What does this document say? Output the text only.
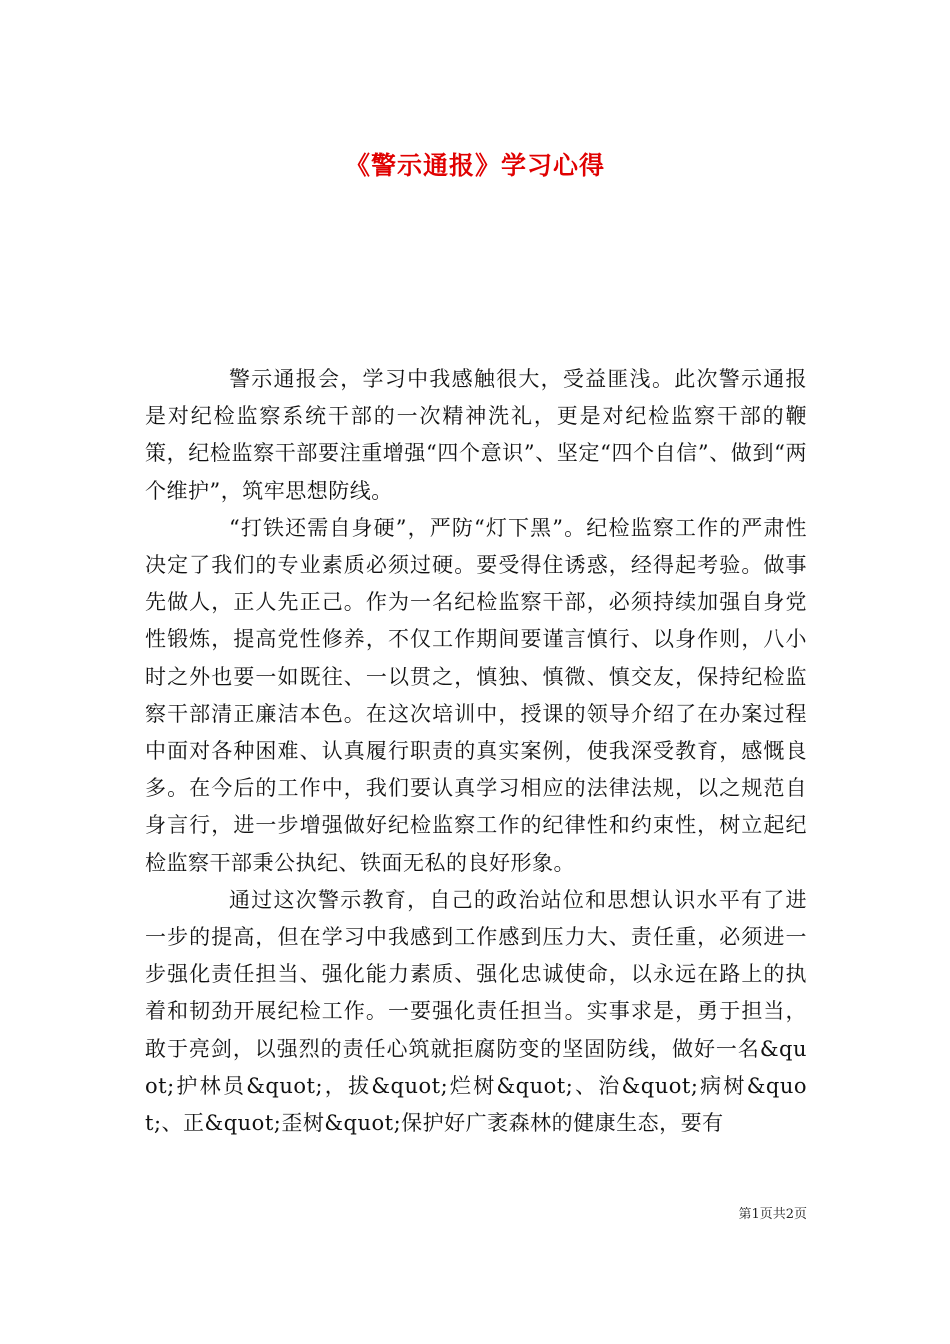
《警示通报》学习心得

警示通报会，学习中我感触很大，受益匪浅。此次警示通报是对纪检监察系统干部的一次精神洗礼，更是对纪检监察干部的鞭策，纪检监察干部要注重增强“四个意识”、坚定“四个自信”、做到“两个维护”，筑牢思想防线。

“打铁还需自身硬”，严防“灯下黑”。纪检监察工作的严肃性决定了我们的专业素质必须过硬。要受得住诱惑，经得起考验。做事先做人，正人先正己。作为一名纪检监察干部，必须持续加强自身党性锻炼，提高党性修养，不仅工作期间要谨言慎行、以身作则，八小时之外也要一如既往、一以贯之，慎独、慎微、慎交友，保持纪检监察干部清正廉洁本色。在这次培训中，授课的领导介绍了在办案过程中面对各种困难、认真履行职责的真实案例，使我深受教育，感慨良多。在今后的工作中，我们要认真学习相应的法律法规，以之规范自身言行，进一步增强做好纪检监察工作的纪律性和约束性，树立起纪检监察干部秉公执纪、铁面无私的良好形象。

通过这次警示教育，自己的政治站位和思想认识水平有了进一步的提高，但在学习中我感到工作感到压力大、责任重，必须进一步强化责任担当、强化能力素质、强化忠诚使命，以永远在路上的执着和韧劲开展纪检工作。一要强化责任担当。实事求是，勇于担当，敢于亮剑，以强烈的责任心筑就拒腐防变的坚固防线，做好一名&quot;护林员&quot;，拔&quot;烂树&quot;、治&quot;病树&quot;、正&quot;歪树&quot;保护好广袤森林的健康生态，要有

第1页共2页
